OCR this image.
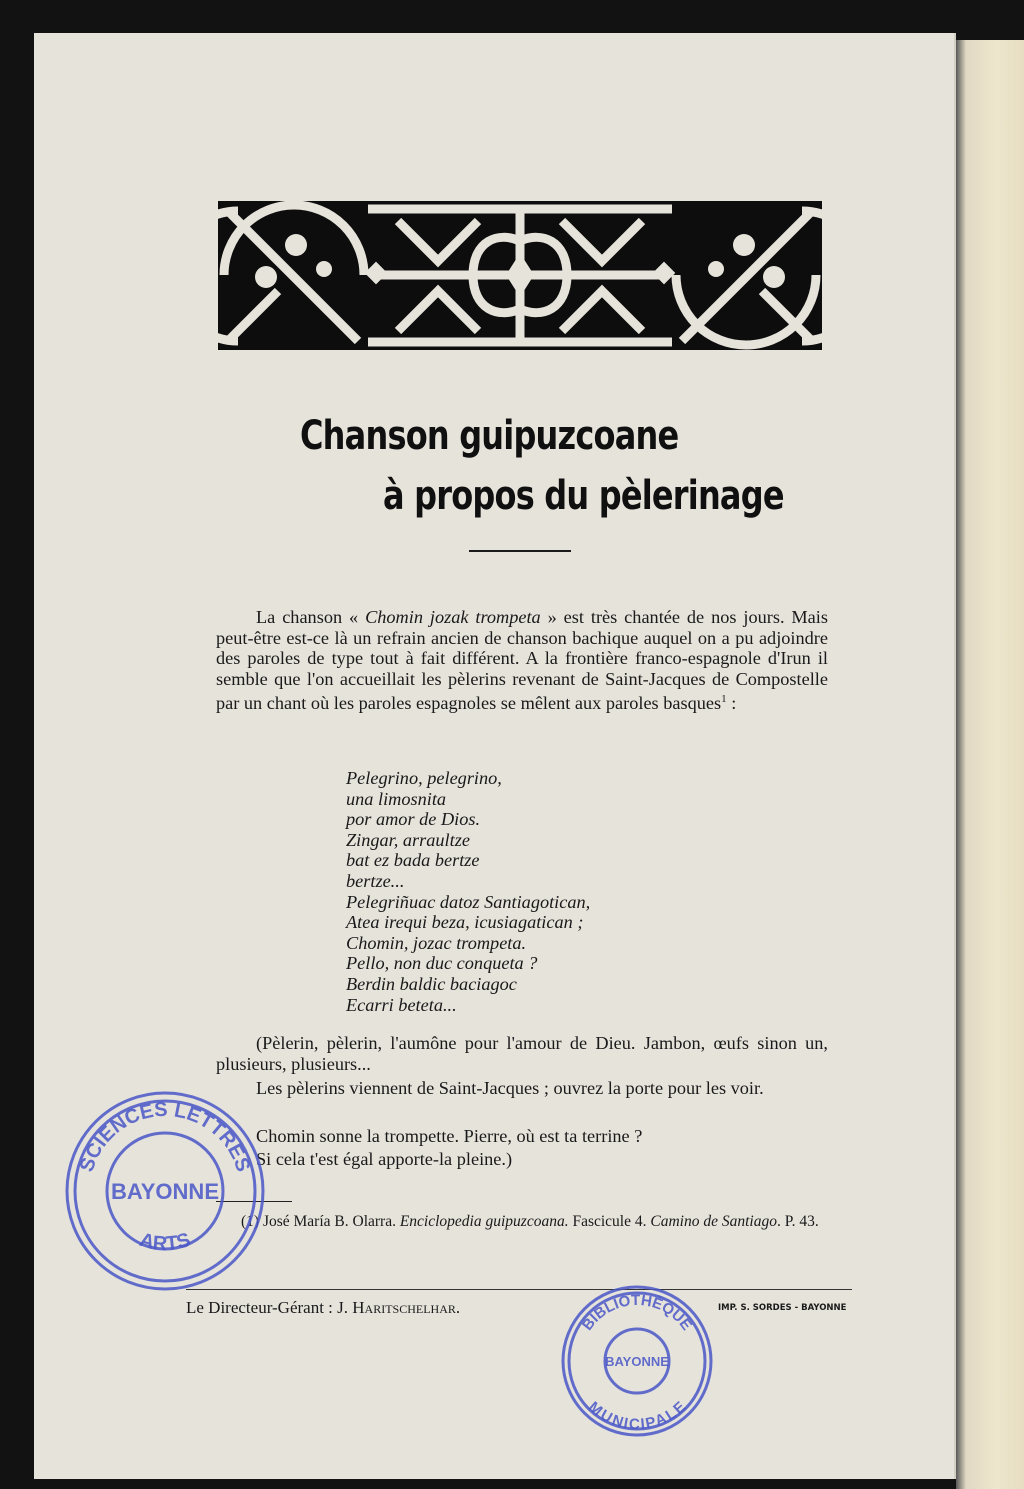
Chanson guipuzcoane
à propos du pèlerinage

La chanson « Chomin jozak trompeta » est très chantée de nos jours. Mais peut-être est-ce là un refrain ancien de chanson bachique auquel on a pu adjoindre des paroles de type tout à fait différent. A la frontière franco-espagnole d'Irun il semble que l'on accueillait les pèlerins revenant de Saint-Jacques de Compostelle par un chant où les paroles espagnoles se mêlent aux paroles basques$^1$ :

Pelegrino, pelegrino,
una limosnita
por amor de Dios.
Zingar, arraultze
bat ez bada bertze
bertze...
Pelegriñuac datoz Santiagotican,
Atea irequi beza, icusiagatican ;
Chomin, jozac trompeta.
Pello, non duc conqueta ?
Berdin baldic baciagoc
Ecarri beteta...

(Pèlerin, pèlerin, l'aumône pour l'amour de Dieu. Jambon, œufs sinon un, plusieurs, plusieurs...

Les pèlerins viennent de Saint-Jacques ; ouvrez la porte pour les voir.

Chomin sonne la trompette. Pierre, où est ta terrine ?

Si cela t'est égal apporte-la pleine.)

(1) José María B. Olarra. Enciclopedia guipuzcoana. Fascicule 4. Camino de Santiago. P. 43.

Le Directeur-Gérant : J. Haritschelhar.	IMP. S. SORDES - BAYONNE

SCIENCES LETTRES
ARTS
BAYONNE
BIBLIOTHÈQUE
MUNICIPALE
BAYONNE
